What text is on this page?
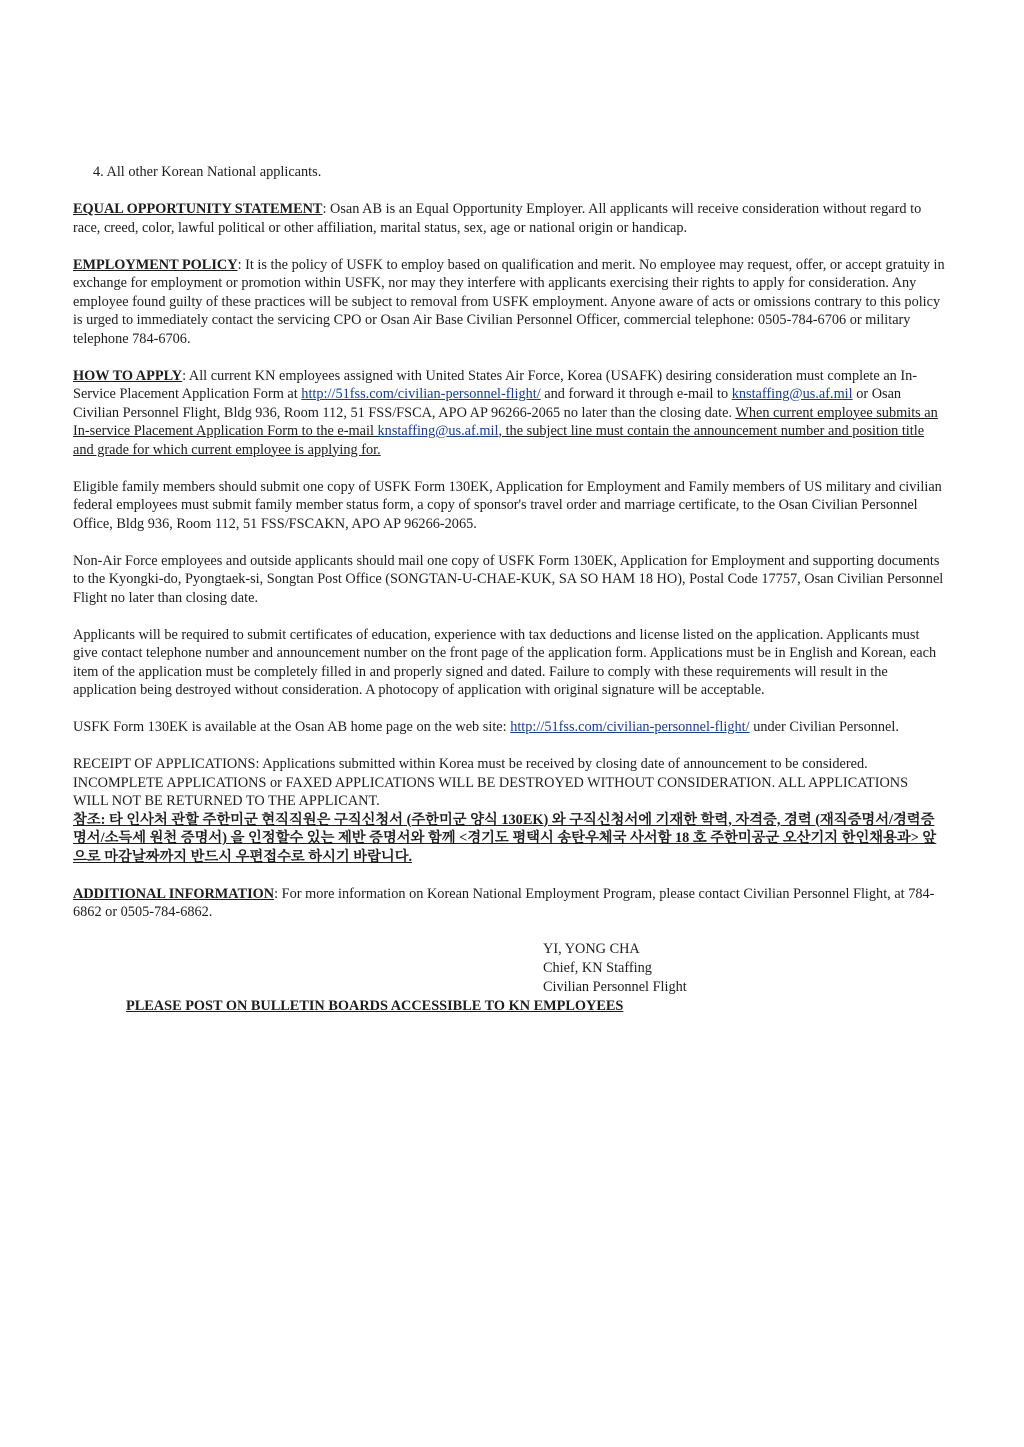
4. All other Korean National applicants.

EQUAL OPPORTUNITY STATEMENT: Osan AB is an Equal Opportunity Employer. All applicants will receive consideration without regard to race, creed, color, lawful political or other affiliation, marital status, sex, age or national origin or handicap.

EMPLOYMENT POLICY: It is the policy of USFK to employ based on qualification and merit. No employee may request, offer, or accept gratuity in exchange for employment or promotion within USFK, nor may they interfere with applicants exercising their rights to apply for consideration. Any employee found guilty of these practices will be subject to removal from USFK employment. Anyone aware of acts or omissions contrary to this policy is urged to immediately contact the servicing CPO or Osan Air Base Civilian Personnel Officer, commercial telephone: 0505-784-6706 or military telephone 784-6706.

HOW TO APPLY: All current KN employees assigned with United States Air Force, Korea (USAFK) desiring consideration must complete an In-Service Placement Application Form at http://51fss.com/civilian-personnel-flight/ and forward it through e-mail to knstaffing@us.af.mil or Osan Civilian Personnel Flight, Bldg 936, Room 112, 51 FSS/FSCA, APO AP 96266-2065 no later than the closing date. When current employee submits an In-service Placement Application Form to the e-mail knstaffing@us.af.mil, the subject line must contain the announcement number and position title and grade for which current employee is applying for.

Eligible family members should submit one copy of USFK Form 130EK, Application for Employment and Family members of US military and civilian federal employees must submit family member status form, a copy of sponsor's travel order and marriage certificate, to the Osan Civilian Personnel Office, Bldg 936, Room 112, 51 FSS/FSCAKN, APO AP 96266-2065.

Non-Air Force employees and outside applicants should mail one copy of USFK Form 130EK, Application for Employment and supporting documents to the Kyongki-do, Pyongtaek-si, Songtan Post Office (SONGTAN-U-CHAE-KUK, SA SO HAM 18 HO), Postal Code 17757, Osan Civilian Personnel Flight no later than closing date.

Applicants will be required to submit certificates of education, experience with tax deductions and license listed on the application. Applicants must give contact telephone number and announcement number on the front page of the application form. Applications must be in English and Korean, each item of the application must be completely filled in and properly signed and dated. Failure to comply with these requirements will result in the application being destroyed without consideration. A photocopy of application with original signature will be acceptable.

USFK Form 130EK is available at the Osan AB home page on the web site: http://51fss.com/civilian-personnel-flight/ under Civilian Personnel.

RECEIPT OF APPLICATIONS: Applications submitted within Korea must be received by closing date of announcement to be considered. INCOMPLETE APPLICATIONS or FAXED APPLICATIONS WILL BE DESTROYED WITHOUT CONSIDERATION. ALL APPLICATIONS WILL NOT BE RETURNED TO THE APPLICANT.
참조: 타 인사처 관할 주한미군 현직직원은 구직신청서 (주한미군 양식 130EK) 와 구직신청서에 기재한 학력, 자격증, 경력 (재직증명서/경력증명서/소득세 원천 증명서) 을 인정할수 있는 제반 증명서와 함께 <경기도 평택시 송탄우체국 사서함 18 호 주한미공군 오산기지 한인채용과> 앞으로 마감날짜까지 반드시 우편접수로 하시기 바랍니다.

ADDITIONAL INFORMATION: For more information on Korean National Employment Program, please contact Civilian Personnel Flight, at 784-6862 or 0505-784-6862.

YI, YONG CHA
Chief, KN Staffing
Civilian Personnel Flight
PLEASE POST ON BULLETIN BOARDS ACCESSIBLE TO KN EMPLOYEES
